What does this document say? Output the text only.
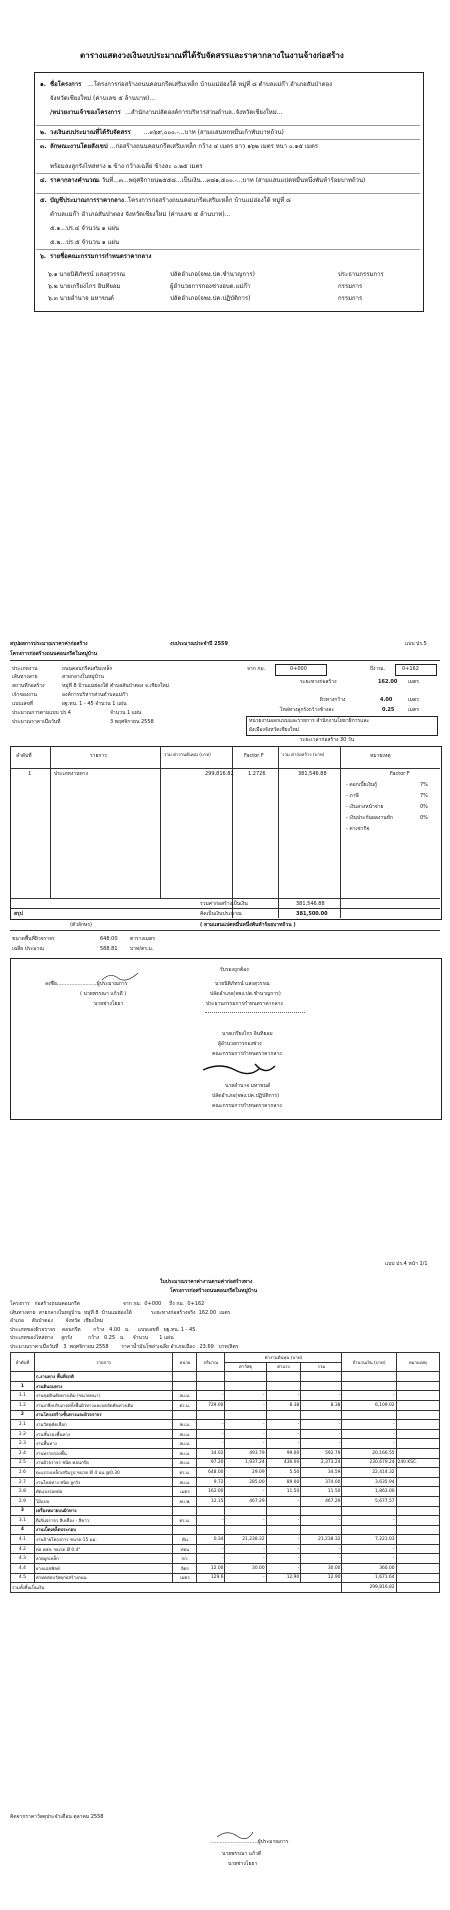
ตารางแสดงวงเงินงบประมาณที่ได้รับจัดสรรและราคากลางในงานจ้างก่อสร้าง
๑. ชื่อโครงการ ...โครงการก่อสร้างถนนคอนกรีตเสริมเหล็ก บ้านแม่ฮ่องใต้ หมู่ที่ ๘ ตำบลแม่ก๊า อำเภอสันป่าตอง
จังหวัดเชียงใหม่ (ค่าบเลข ๕ ล้านบาท)...
/หน่วยงานเจ้าของโครงการ ...สำนักงานปลัดองค์การบริหารส่วนตำบล..จังหวัดเชียงใหม่...
๒. วงเงินงบประมาณที่ได้รับจัดสรร ...๓๖๙,๐๐๐.-...บาท (สามแสนหกหมื่นเก้าพันบาทถ้วน)
๓. ลักษณะงานโดยสังเขป ...ก่อสร้างถนนคอนกรีตเสริมเหล็ก กว้าง ๔ เมตร ยาว ๑๖๒ เมตร หนา ๐.๑๕ เมตร
พร้อมลงลูกรังไหล่ทาง ๒ ข้าง กว้างเฉลี่ย ข้างละ ๐.๒๕ เมตร
๔. ราคากลางคำนวณ
ณ วันที่...๓...พฤศจิกายน๒๕๕๘...เป็นเงิน...๓๘๑,๕๐๐.-...บาท (สามแสนแปดหมื่นหนึ่งพันห้าร้อยบาทถ้วน)
๕. บัญชีประมาณการราคากลาง
...โครงการก่อสร้างถนนคอนกรีตเสริมเหล็ก บ้านแม่ฮ่องใต้ หมู่ที่ ๘
ตำบลแม่ก๊า อำเภอสันป่าตอง จังหวัดเชียงใหม่ (ค่าบเลข ๕ ล้านบาท)...
๕.๑...ปร.๔ จำนวน ๑ แผ่น
๕.๒...ปร.๕ จำนวน ๑ แผ่น
๖. รายชื่อคณะกรรมการกำหนดราคากลาง
๖.๑ นายนิติภัทรน์ แสงสุวรรณ	ปลัดอำเภอ(จพง.ปค.ชำนาญการ)	ประธานกรรมการ
๖.๒ นายเกรียงไกร อินทิยอม	ผู้อำนวยการกองช่างอบต.แม่ก๊า	กรรมการ
๖.๓ นายอำนาจ มหาขนด์	ปลัดอำเภอ(จพง.ปค.ปฏิบัติการ)	กรรมการ
สรุปผลการประมาณราคาค่าก่อสร้าง	งบประมาณประจำปี 2559	แบบ ปร.5
โครงการก่อสร้างถนนคอนกรีตในหมู่บ้าน
ประเภทงาน	ถนนคอนกรีตเสริมเหล็ก
เส้นทางสาย	สายกลางในหมู่บ้าน
สถานที่ก่อสร้าง	หมู่ที่ 8 บ้านแม่ฮ่องใต้ ตำบลสันป่าตอง จ.เชียงใหม่
เจ้าของงาน	องค์การบริหารส่วนตำบลแม่ก๊า
แบบเลขที่	ผฐ.ทน. 1 - 45 จำนวน 1 แผ่น
ประมาณการตามแบบ ปร.4	จำนวน 1 แผ่น
ประมาณราคาเมื่อวันที่	3 พฤศจิกายน 2558
จาก กม.	0+000	ถึง กม.	0+162
ระยะทางก่อสร้าง	162.00 เมตร
ผิวทางกว้าง	4.00	เมตร
ไหล่ทางลูกรังกว้างข้างละ	0.25	เมตร
หน่วยงานออกแบบและรายการ สำนักงานโยธาธิการและ
ผังเมืองจังหวัดเชียงใหม่
ระยะเวลาก่อสร้าง 30 วัน
ลำดับที่	รายการ	รวม ค่างานต้นทุน (บาท)	Factor F	รวม ค่าก่อสร้าง (บาท)	หมายเหตุ
1	ประเภทงานทาง	299,816.82	1.2726	381,546.88	Factor F
- ดอกเบี้ยเงินกู้	7%
- ภาษี	7%
- เงินล่วงหน้าจ่าย	0%
- เงินประกันผลงานหัก	0%
- ค่าเช่ากิจ
รวมค่าก่อสร้างเป็นเงิน	381,546.88
สรุป	คิดเป็นเงินประมาณ	381,500.00
(ตัวอักษร)	( สามแสนแปดหมื่นหนึ่งพันห้าร้อยบาทถ้วน )
ขนาดพื้นที่ผิวจราจร	648.00	ตารางเมตร
เฉลี่ย ประมาณ	588.81	บาท/ตร.ม.
รับรองถูกต้อง
ลงชื่อ.........................ผู้ประมาณการ
( นายพรรณา แก้วดี )
นายช่างโยธา
นายนิติภัทรน์ แสงสุวรรณ
ปลัดอำเภอ(จพง.ปค.ชำนาญการ)
ประธานกรรมการกำหนดราคากลาง
นายเกรียงไกร อินทิยอม
ผู้อำนวยการกองช่าง
คณะกรรมการกำหนดราคากลาง
นายอำนาจ มหาขนด์
ปลัดอำเภอ(จพง.ปค.ปฏิบัติการ)
คณะกรรมการกำหนดราคากลาง
แบบ ปร.4 หน้า 1/1
ใบประมาณราคาค่างานตามค่าก่อสร้างทาง
โครงการก่อสร้างถนนคอนกรีตในหมู่บ้าน
โครงการ   ก่อสร้างถนนคอนกรีต                           จาก กม.  0+000     ถึง กม.  0+162
เส้นทางสาย  สายกลางในหมู่บ้าน  หมู่ที่ 8  บ้านแม่ฮ่องใต้            ระยะทางก่อสร้างจริง  162.00  เมตร
อำเภอ     สันป่าตอง        จังหวัด  เชียงใหม่
ประเภทของผิวจราจร    คอนกรีต        กว้าง   4.00   ม.     แบบเลขที่   ผฐ.ทน. 1 - 45
ประเภทของไหล่ทาง     ลูกรัง          กว้าง   0.25   ม.     จำนวน       1 แผ่น
ประมาณราคาเมื่อวันที่   3  พฤศจิกายน 2558        ราคาน้ำมันโซล่าเฉลี่ย อำเภอเมือง   23.69   บาท/ลิตร
ลำดับที่	รายการ	หน่วย	ปริมาณ	ค่างานต้นทุน (บาท)			จำนวนเงิน (บาท)	หมายเหตุ
				ค่าวัสดุ	ค่าแรง	รวม		
	ก.งานทาง พื้นที่ปกติ							
1	งานดินถมทาง							
1.1	งานขุดดินตัดทางเดิม (ขนาดหนา)	ลบ.ม.	-	-	-	-	-	
1.2	งานเกลี่ยปรับเกรดทั้งพื้นผิวทางและบดอัดคันทางเดิม	ตร.ม.	729.00	-	8.38	8.38	6,109.02	
2	งานโครงสร้างชั้นทางและผิวจราจร							
2.1	งานวัสดุคัดเลือก	ลบ.ม.	-	-	-	-	-	
2.2	งานชั้นรองพื้นทาง	ลบ.ม.	-	-	-	-	-	
2.3	งานพื้นทาง	ลบ.ม.	-	-	-	-	-	
2.4	งานทรายรองพื้น	ลบ.ม.	34.02	493.79	99.00	592.79	20,166.55	
2.5	งานผิวจราจร ชนิด คอนกรีต	ลบ.ม.	97.20	1,937.24	436.00	2,373.24	230,679.24	240 KSC.
2.6	ตะแกรงเหล็กเสริมรูป ขนาด Ø 4 มม.@0.30	ตร.ม.	648.00	29.09	5.50	34.59	22,414.32	
2.7	งานไหล่ทาง ชนิด ลูกรัง	ลบ.ม.	9.72	285.00	89.00	374.00	3,635.94	
2.8	ตัดแบ่งรอยต่อ	เมตร	162.00	-	11.50	11.50	1,863.00	
2.9	ไม้แบบ	ลบ.ฟ.	12.15	467.29	-	467.29	5,677.57	
3	เครื่องหมายบนผิวทาง							
3.1	ตีเส้นจราจร สีเหลือง - สีขาว	ตร.ม.	-	-	-	-	-	
4	งานเบ็ดเตล็ดประกอบ							
4.1	งานป้ายโครงการ ขนาด 15 มม.	ตัน	0.34	21,238.32	-	21,238.32	7,221.03	
4.2	ท่อ คสล. ขนาด Ø 0.4"	ท่อน	-	-	-	-	-	
4.3	ลวดผูกเหล็ก	กก.	-	-	-	-	-	
4.4	ยางแอสฟัลท์	ลิตร	12.00	30.00	-	30.00	360.00	
4.5	ค่าทดสอบวัสดุก่อสร้างถนน	เมตร	129.6	-	12.90	12.90	1,671.64	
รวมทั้งสิ้นเป็นเงิน							299,816.82	
คิดจากราคาวัสดุประจำเดือน ตุลาคม 2558
..............................ผู้ประมาณการ
นายพรรณา แก้วดี
นายช่างโยธา
